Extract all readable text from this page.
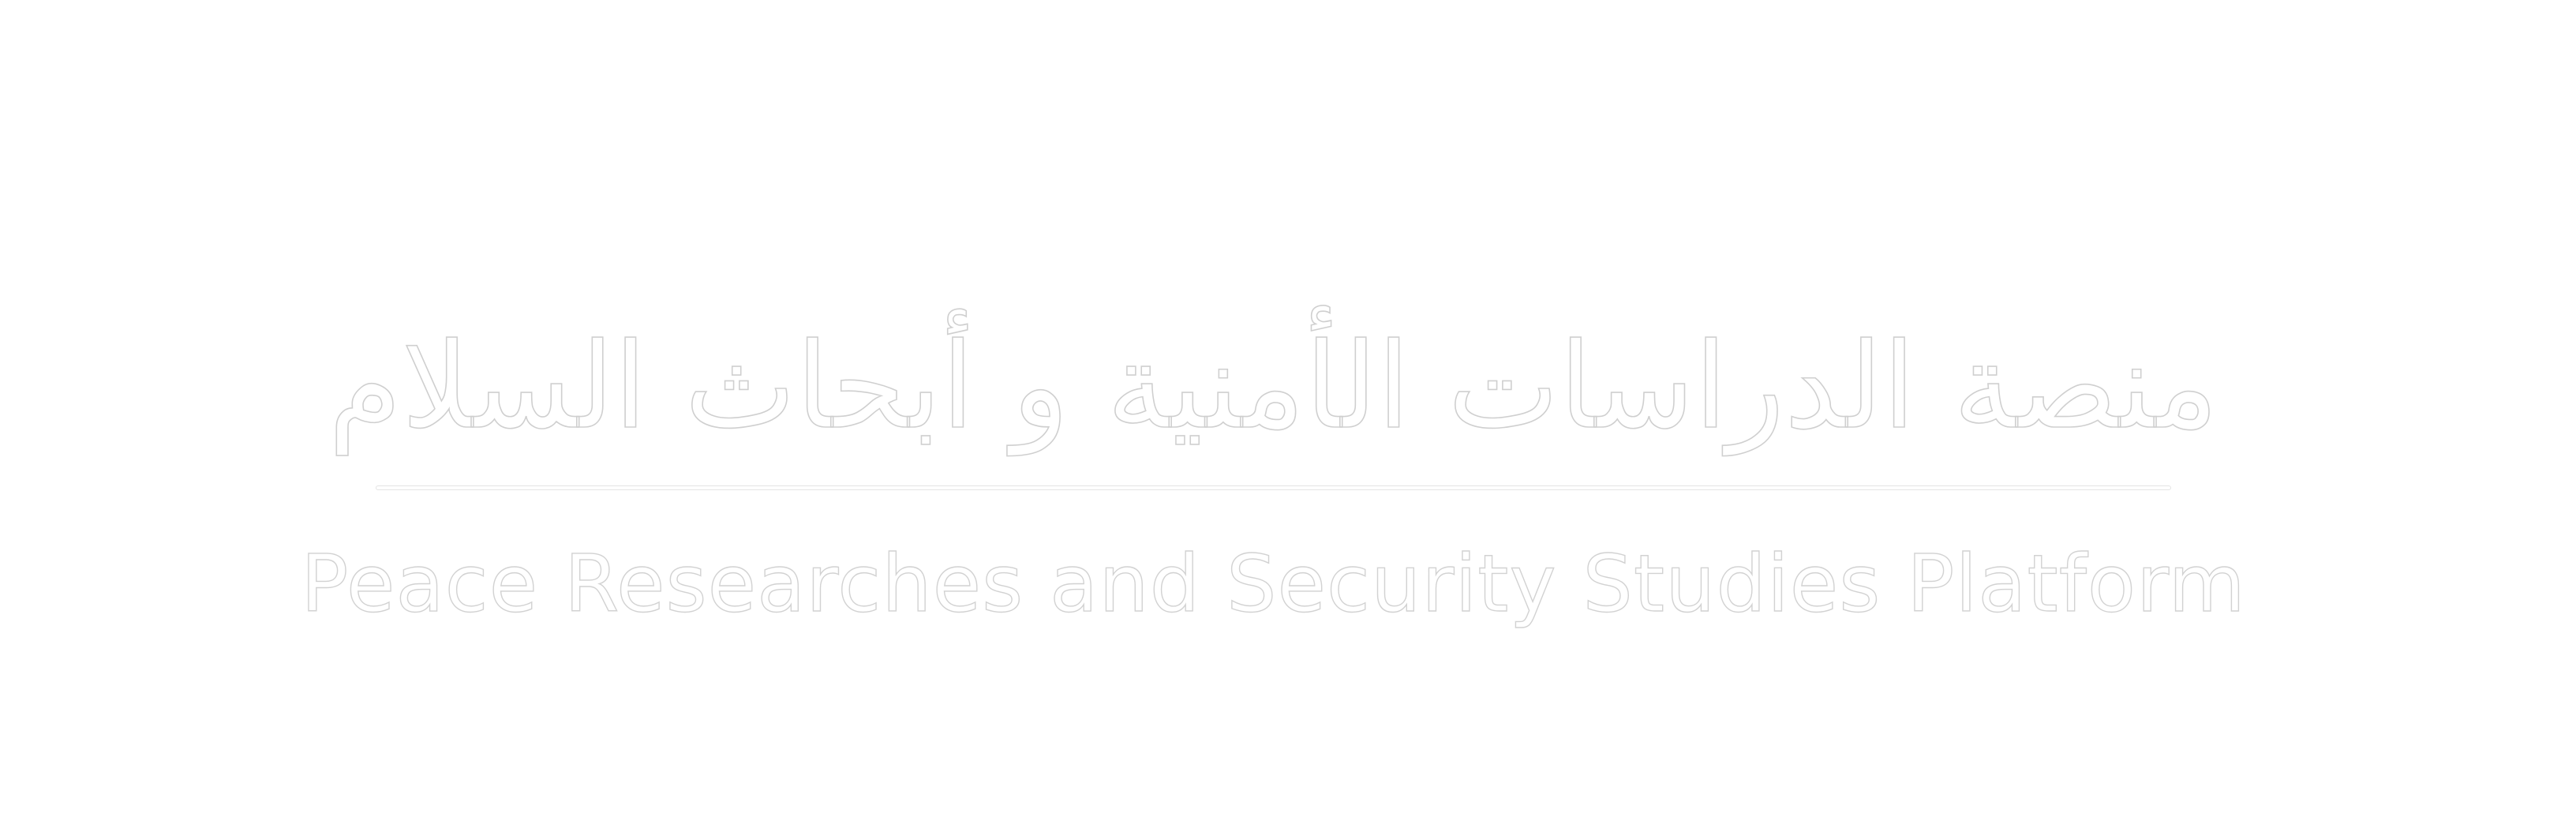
منصة الدراسات الأمنية و أبحاث السلام
Peace Researches and Security Studies Platform
